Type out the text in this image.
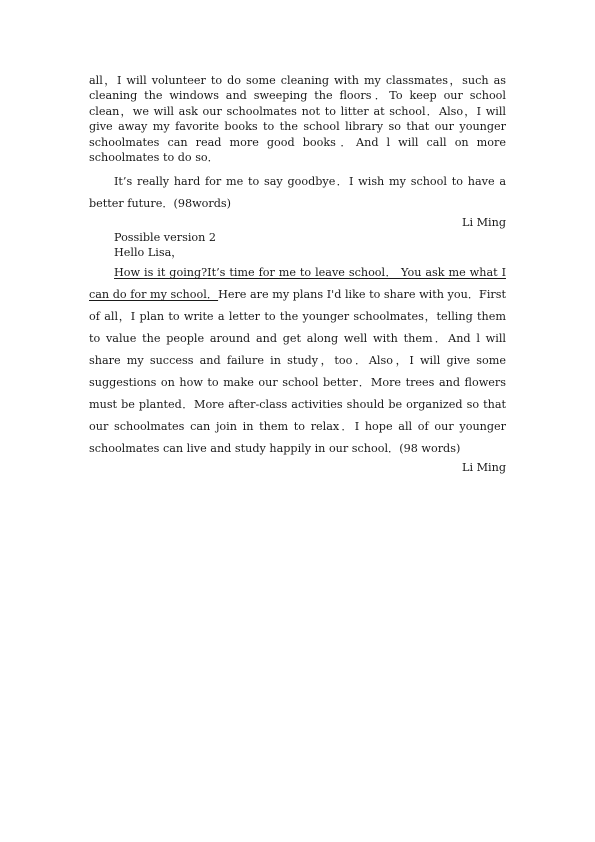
all，I will volunteer to do some cleaning with my classmates，such as cleaning the windows and sweeping the floors．To keep our school clean，we will ask our schoolmates not to litter at school．Also，I will give away my favorite books to the school library so that our younger schoolmates can read more good books．And l will call on more schoolmates to do so．

It’s really hard for me to say goodbye．I wish my school to have a better future．(98words)

Li Ming

Possible version 2

Hello Lisa，

How is it going?It’s time for me to leave school． You ask me what I can do for my school．Here are my plans I'd like to share with you．First of all，I plan to write a letter to the younger schoolmates，telling them to value the people around and get along well with them．And l will share my success and failure in study，too．Also，I will give some suggestions on how to make our school better．More trees and flowers must be planted．More after-class activities should be organized so that our schoolmates can join in them to relax．I hope all of our younger schoolmates can live and study happily in our school．(98 words)

Li Ming
